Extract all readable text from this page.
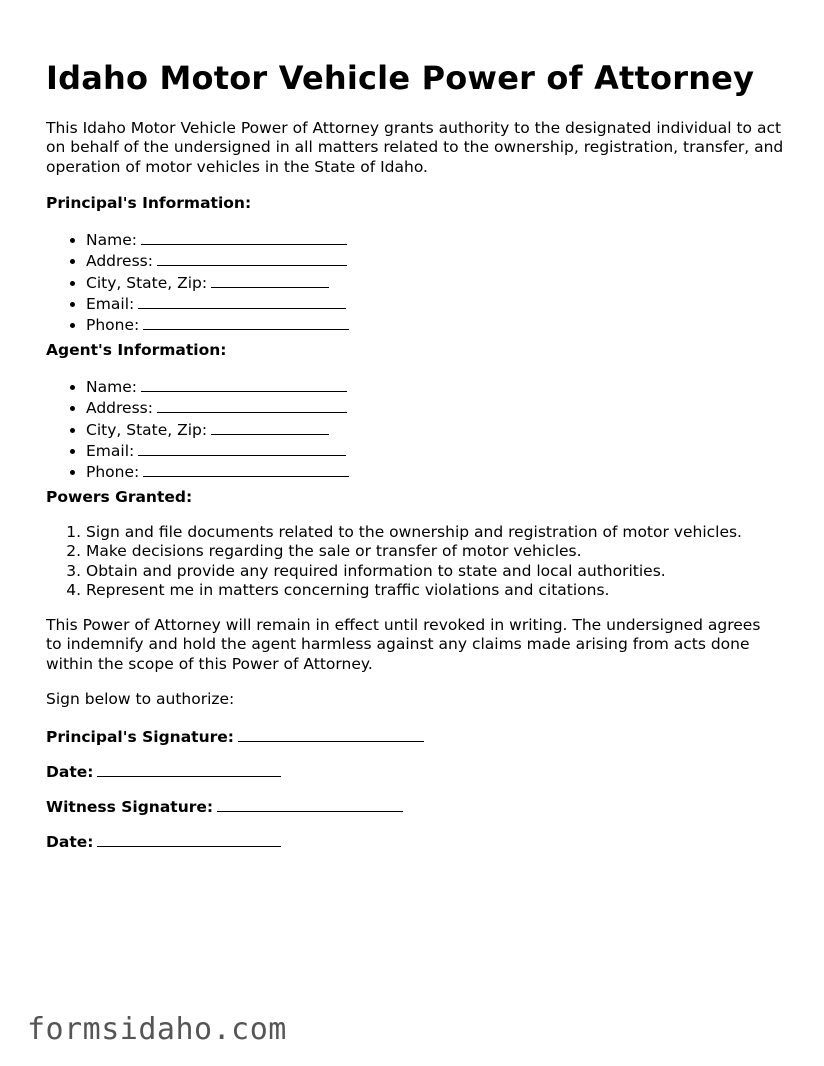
Idaho Motor Vehicle Power of Attorney
This Idaho Motor Vehicle Power of Attorney grants authority to the designated individual to act on behalf of the undersigned in all matters related to the ownership, registration, transfer, and operation of motor vehicles in the State of Idaho.
Principal's Information:
• Name:
• Address:
• City, State, Zip:
• Email:
• Phone:
Agent's Information:
• Name:
• Address:
• City, State, Zip:
• Email:
• Phone:
Powers Granted:
1. Sign and file documents related to the ownership and registration of motor vehicles.
2. Make decisions regarding the sale or transfer of motor vehicles.
3. Obtain and provide any required information to state and local authorities.
4. Represent me in matters concerning traffic violations and citations.
This Power of Attorney will remain in effect until revoked in writing. The undersigned agrees to indemnify and hold the agent harmless against any claims made arising from acts done within the scope of this Power of Attorney.
Sign below to authorize:
Principal's Signature:
Date:
Witness Signature:
Date:
formsidaho.com
